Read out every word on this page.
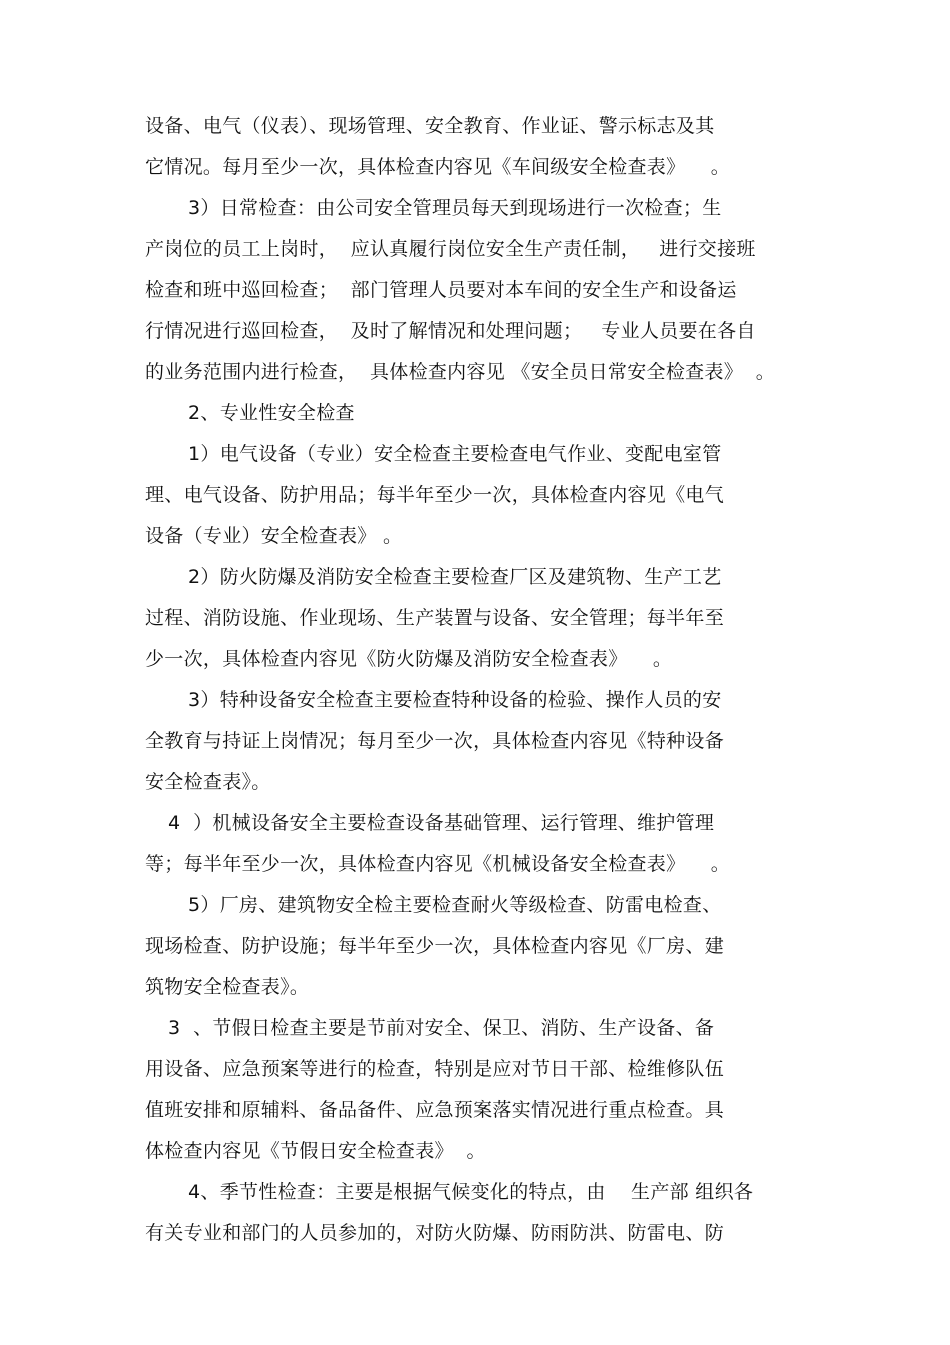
设备、电气（仪表）、现场管理、安全教育、作业证、警示标志及其
它情况。每月至少一次，具体检查内容见《车间级安全检查表》    。
3）日常检查：由公司安全管理员每天到现场进行一次检查；生
产岗位的员工上岗时，  应认真履行岗位安全生产责任制，   进行交接班
检查和班中巡回检查；  部门管理人员要对本车间的安全生产和设备运
行情况进行巡回检查，  及时了解情况和处理问题；   专业人员要在各自
的业务范围内进行检查，  具体检查内容见 《安全员日常安全检查表》  。
2、专业性安全检查
1）电气设备（专业）安全检查主要检查电气作业、变配电室管
理、电气设备、防护用品；每半年至少一次，具体检查内容见《电气
设备（专业）安全检查表》 。
2）防火防爆及消防安全检查主要检查厂区及建筑物、生产工艺
过程、消防设施、作业现场、生产装置与设备、安全管理；每半年至
少一次，具体检查内容见《防火防爆及消防安全检查表》    。
3）特种设备安全检查主要检查特种设备的检验、操作人员的安
全教育与持证上岗情况；每月至少一次，具体检查内容见《特种设备
安全检查表》。
4  ）机械设备安全主要检查设备基础管理、运行管理、维护管理
等；每半年至少一次，具体检查内容见《机械设备安全检查表》    。
5）厂房、建筑物安全检主要检查耐火等级检查、防雷电检查、
现场检查、防护设施；每半年至少一次，具体检查内容见《厂房、建
筑物安全检查表》。
3  、节假日检查主要是节前对安全、保卫、消防、生产设备、备
用设备、应急预案等进行的检查，特别是应对节日干部、检维修队伍
值班安排和原辅料、备品备件、应急预案落实情况进行重点检查。具
体检查内容见《节假日安全检查表》  。
4、季节性检查：主要是根据气候变化的特点，由    生产部 组织各
有关专业和部门的人员参加的，对防火防爆、防雨防洪、防雷电、防
